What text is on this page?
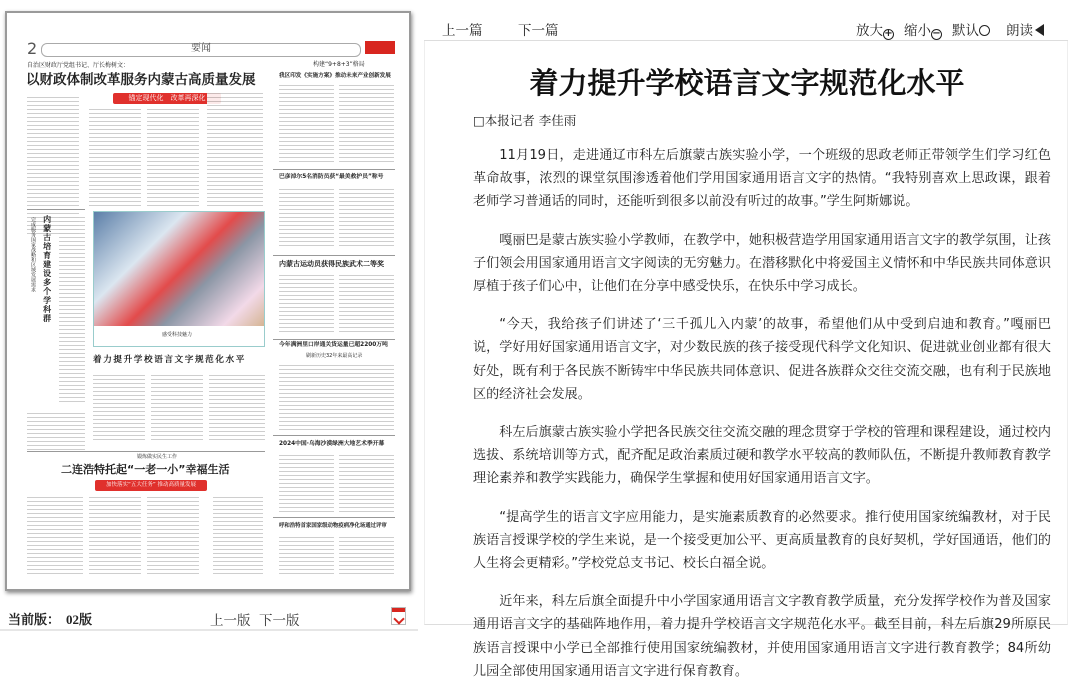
2	要闻
自治区财政厅党组书记、厅长梅树文：
以财政体制改革服务内蒙古高质量发展
锚定现代化　改革再深化
构建“9+8+3”格局
我区印发《实施方案》推动未来产业创新发展
巴彦淖尔5名消防员获“最美救护员”称号
内蒙古运动员获得民族武术二等奖
今年满洲里口岸通关货运量已超2200万吨
刷新历史32年来最高记录
内蒙古培育建设多个学科群
完成服务国家战略和区域发展需求
感受科技魅力
着力提升学校语言文字规范化水平
锻炼做实民生工作
二连浩特托起“一老一小”幸福生活
加快落实“五大任务” 推动高质量发展
2024中国·乌海沙漠绿洲大地艺术季开幕
呼和浩特首家国家级动物疫病净化场通过评审
当前版： 02版	上一版 下一版
上一篇	下一篇	放大+ 缩小− 默认	朗读
着力提升学校语言文字规范化水平
□本报记者 李佳雨

11月19日，走进通辽市科左后旗蒙古族实验小学，一个班级的思政老师正带领学生们学习红色革命故事，浓烈的课堂氛围渗透着他们学用国家通用语言文字的热情。“我特别喜欢上思政课，跟着老师学习普通话的同时，还能听到很多以前没有听过的故事。”学生阿斯娜说。

嘎丽巴是蒙古族实验小学教师，在教学中，她积极营造学用国家通用语言文字的教学氛围，让孩子们领会用国家通用语言文字阅读的无穷魅力。在潜移默化中将爱国主义情怀和中华民族共同体意识厚植于孩子们心中，让他们在分享中感受快乐，在快乐中学习成长。

“今天，我给孩子们讲述了‘三千孤儿入内蒙’的故事，希望他们从中受到启迪和教育。”嘎丽巴说，学好用好国家通用语言文字，对少数民族的孩子接受现代科学文化知识、促进就业创业都有很大好处，既有利于各民族不断铸牢中华民族共同体意识、促进各族群众交往交流交融，也有利于民族地区的经济社会发展。

科左后旗蒙古族实验小学把各民族交往交流交融的理念贯穿于学校的管理和课程建设，通过校内选拔、系统培训等方式，配齐配足政治素质过硬和教学水平较高的教师队伍，不断提升教师教育教学理论素养和教学实践能力，确保学生掌握和使用好国家通用语言文字。

“提高学生的语言文字应用能力，是实施素质教育的必然要求。推行使用国家统编教材，对于民族语言授课学校的学生来说，是一个接受更加公平、更高质量教育的良好契机，学好国通语，他们的人生将会更精彩。”学校党总支书记、校长白福全说。

近年来，科左后旗全面提升中小学国家通用语言文字教育教学质量，充分发挥学校作为普及国家通用语言文字的基础阵地作用，着力提升学校语言文字规范化水平。截至目前，科左后旗29所原民族语言授课中小学已全部推行使用国家统编教材，并使用国家通用语言文字进行教育教学；84所幼儿园全部使用国家通用语言文字进行保育教育。
